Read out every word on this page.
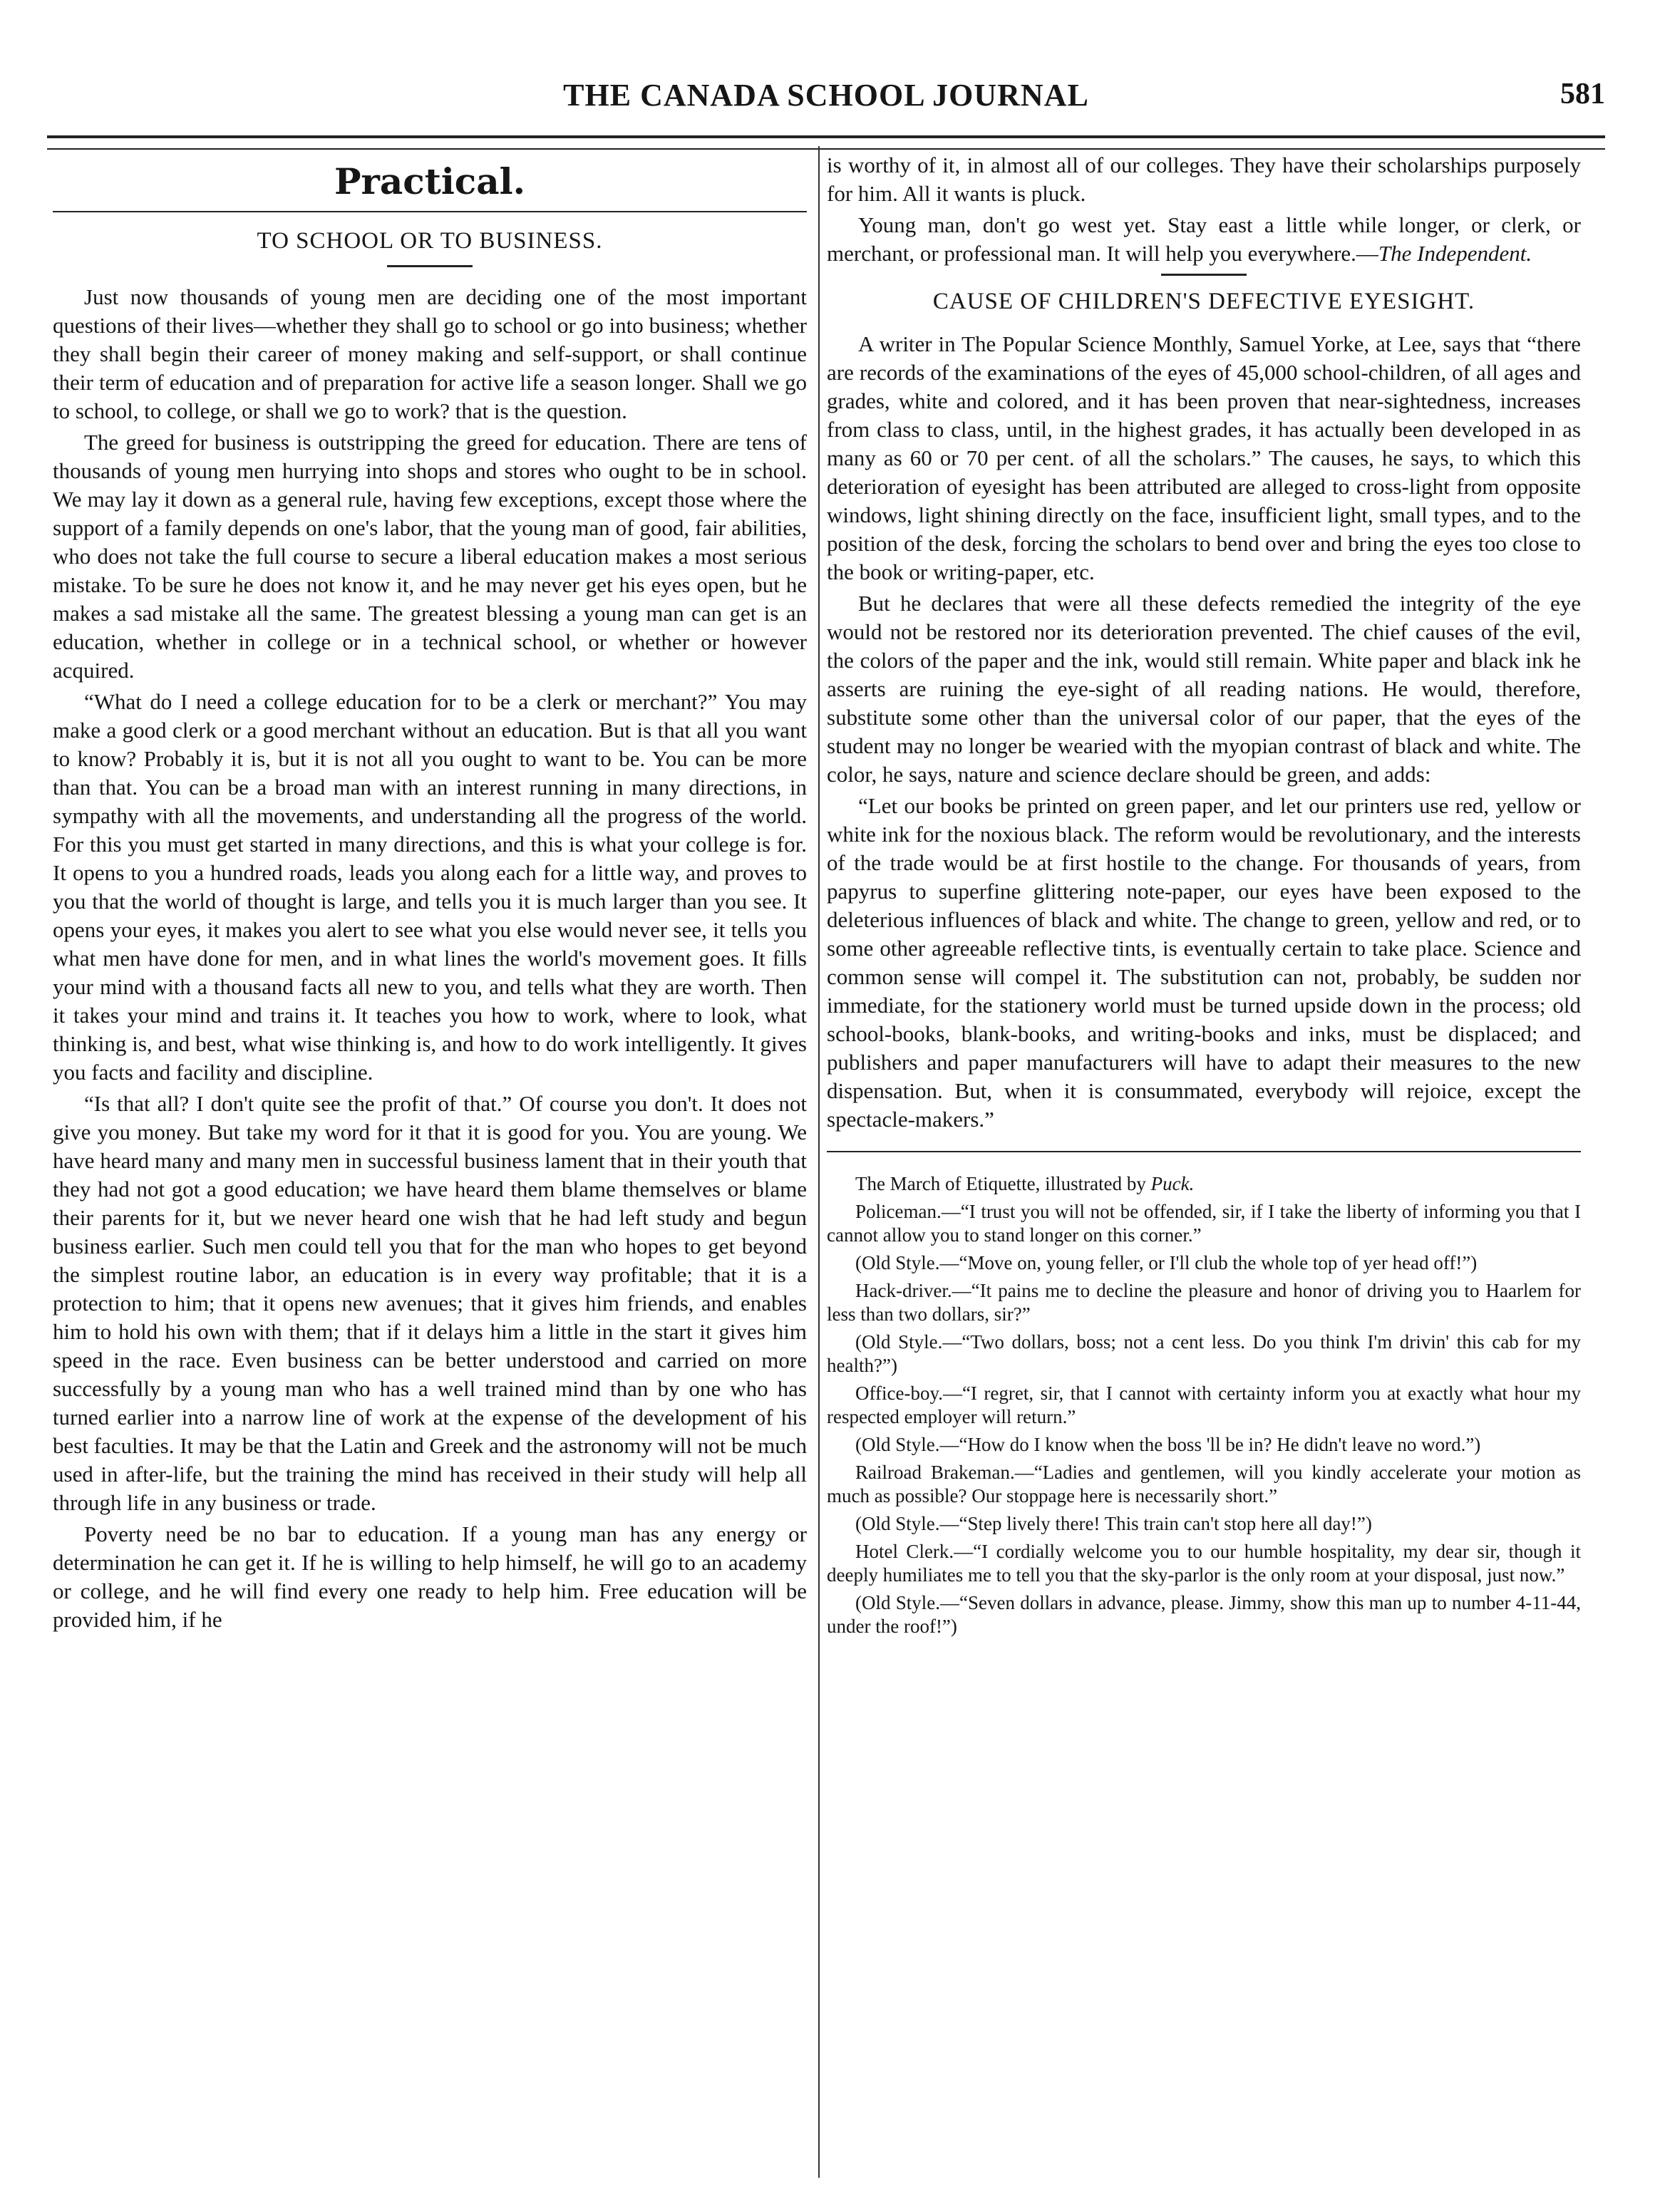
THE CANADA SCHOOL JOURNAL	581
Practical.
TO SCHOOL OR TO BUSINESS.

Just now thousands of young men are deciding one of the most important questions of their lives—whether they shall go to school or go into business; whether they shall begin their career of money making and self-support, or shall continue their term of education and of preparation for active life a season longer. Shall we go to school, to college, or shall we go to work? that is the question.

The greed for business is outstripping the greed for education. There are tens of thousands of young men hurrying into shops and stores who ought to be in school. We may lay it down as a general rule, having few exceptions, except those where the support of a family depends on one's labor, that the young man of good, fair abilities, who does not take the full course to secure a liberal education makes a most serious mistake. To be sure he does not know it, and he may never get his eyes open, but he makes a sad mistake all the same. The greatest blessing a young man can get is an education, whether in college or in a technical school, or whether or however acquired.

“What do I need a college education for to be a clerk or merchant?” You may make a good clerk or a good merchant without an education. But is that all you want to know? Probably it is, but it is not all you ought to want to be. You can be more than that. You can be a broad man with an interest running in many directions, in sympathy with all the movements, and understanding all the progress of the world. For this you must get started in many directions, and this is what your college is for. It opens to you a hundred roads, leads you along each for a little way, and proves to you that the world of thought is large, and tells you it is much larger than you see. It opens your eyes, it makes you alert to see what you else would never see, it tells you what men have done for men, and in what lines the world's movement goes. It fills your mind with a thousand facts all new to you, and tells what they are worth. Then it takes your mind and trains it. It teaches you how to work, where to look, what thinking is, and best, what wise thinking is, and how to do work intelligently. It gives you facts and facility and discipline.

“Is that all? I don't quite see the profit of that.” Of course you don't. It does not give you money. But take my word for it that it is good for you. You are young. We have heard many and many men in successful business lament that in their youth that they had not got a good education; we have heard them blame themselves or blame their parents for it, but we never heard one wish that he had left study and begun business earlier. Such men could tell you that for the man who hopes to get beyond the simplest routine labor, an education is in every way profitable; that it is a protection to him; that it opens new avenues; that it gives him friends, and enables him to hold his own with them; that if it delays him a little in the start it gives him speed in the race. Even business can be better understood and carried on more successfully by a young man who has a well trained mind than by one who has turned earlier into a narrow line of work at the expense of the development of his best faculties. It may be that the Latin and Greek and the astronomy will not be much used in after-life, but the training the mind has received in their study will help all through life in any business or trade.

Poverty need be no bar to education. If a young man has any energy or determination he can get it. If he is willing to help himself, he will go to an academy or college, and he will find every one ready to help him. Free education will be provided him, if he

is worthy of it, in almost all of our colleges. They have their scholarships purposely for him. All it wants is pluck.

Young man, don't go west yet. Stay east a little while longer, or clerk, or merchant, or professional man. It will help you everywhere.—The Independent.

CAUSE OF CHILDREN'S DEFECTIVE EYESIGHT.

A writer in The Popular Science Monthly, Samuel Yorke, at Lee, says that “there are records of the examinations of the eyes of 45,000 school-children, of all ages and grades, white and colored, and it has been proven that near-sightedness, increases from class to class, until, in the highest grades, it has actually been developed in as many as 60 or 70 per cent. of all the scholars.” The causes, he says, to which this deterioration of eyesight has been attributed are alleged to cross-light from opposite windows, light shining directly on the face, insufficient light, small types, and to the position of the desk, forcing the scholars to bend over and bring the eyes too close to the book or writing-paper, etc.

But he declares that were all these defects remedied the integrity of the eye would not be restored nor its deterioration prevented. The chief causes of the evil, the colors of the paper and the ink, would still remain. White paper and black ink he asserts are ruining the eye-sight of all reading nations. He would, therefore, substitute some other than the universal color of our paper, that the eyes of the student may no longer be wearied with the myopian contrast of black and white. The color, he says, nature and science declare should be green, and adds:

“Let our books be printed on green paper, and let our printers use red, yellow or white ink for the noxious black. The reform would be revolutionary, and the interests of the trade would be at first hostile to the change. For thousands of years, from papyrus to superfine glittering note-paper, our eyes have been exposed to the deleterious influences of black and white. The change to green, yellow and red, or to some other agreeable reflective tints, is eventually certain to take place. Science and common sense will compel it. The substitution can not, probably, be sudden nor immediate, for the stationery world must be turned upside down in the process; old school-books, blank-books, and writing-books and inks, must be displaced; and publishers and paper manufacturers will have to adapt their measures to the new dispensation. But, when it is consummated, everybody will rejoice, except the spectacle-makers.”

The March of Etiquette, illustrated by Puck.

Policeman.—“I trust you will not be offended, sir, if I take the liberty of informing you that I cannot allow you to stand longer on this corner.”

(Old Style.—“Move on, young feller, or I'll club the whole top of yer head off!”)

Hack-driver.—“It pains me to decline the pleasure and honor of driving you to Haarlem for less than two dollars, sir?”

(Old Style.—“Two dollars, boss; not a cent less. Do you think I'm drivin' this cab for my health?”)

Office-boy.—“I regret, sir, that I cannot with certainty inform you at exactly what hour my respected employer will return.”

(Old Style.—“How do I know when the boss 'll be in? He didn't leave no word.”)

Railroad Brakeman.—“Ladies and gentlemen, will you kindly accelerate your motion as much as possible? Our stoppage here is necessarily short.”

(Old Style.—“Step lively there! This train can't stop here all day!”)

Hotel Clerk.—“I cordially welcome you to our humble hospitality, my dear sir, though it deeply humiliates me to tell you that the sky-parlor is the only room at your disposal, just now.”

(Old Style.—“Seven dollars in advance, please. Jimmy, show this man up to number 4-11-44, under the roof!”)
